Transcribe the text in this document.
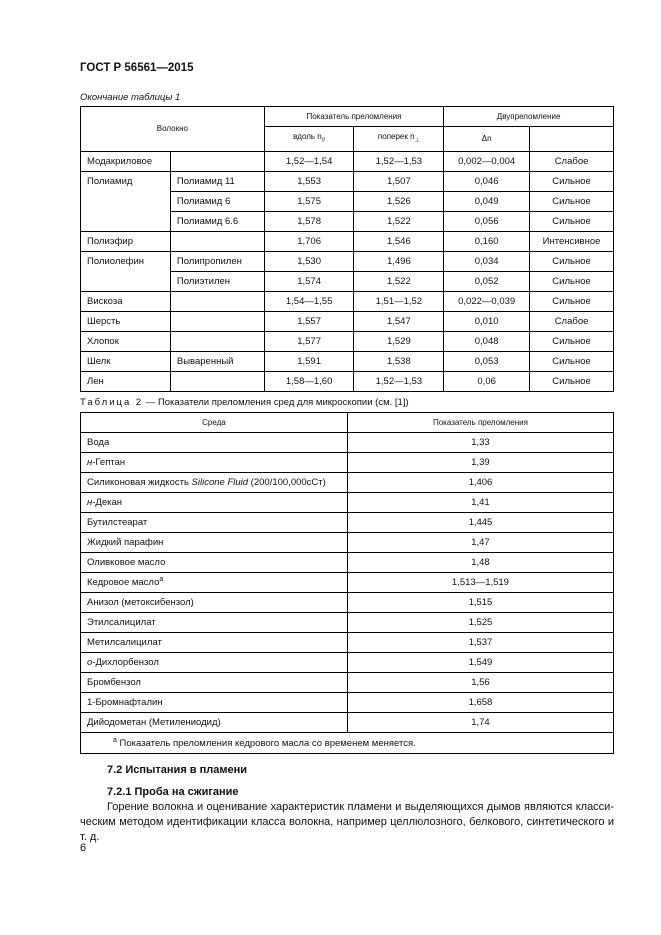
ГОСТ Р 56561—2015
Окончание таблицы 1
Волокно		Показатель преломления		Двупреломление	
		вдоль $n_{//}$	поперек $n_\perp$	Δn	
Модакриловое		1,52—1,54	1,52—1,53	0,002—0,004	Слабое
Полиамид	Полиамид 11	1,553	1,507	0,046	Сильное
	Полиамид 6	1,575	1,526	0,049	Сильное
	Полиамид 6.6	1,578	1,522	0,056	Сильное
Полиэфир		1,706	1,546	0,160	Интенсивное
Полиолефин	Полипропилен	1,530	1,496	0,034	Сильное
	Полиэтилен	1,574	1,522	0,052	Сильное
Вискоза		1,54—1,55	1,51—1,52	0,022—0,039	Сильное
Шерсть		1,557	1,547	0,010	Слабое
Хлопок		1,577	1,529	0,048	Сильное
Шелк	Вываренный	1,591	1,538	0,053	Сильное
Лен		1,58—1,60	1,52—1,53	0,06	Сильное
Таблица 2 — Показатели преломления сред для микроскопии (см. [1])
Среда	Показатель преломления
Вода	1,33
н-Гептан	1,39
Силиконовая жидкость Silicone Fluid (200/100,000сСт)	1,406
н-Декан	1,41
Бутилстеарат	1,445
Жидкий парафин	1,47
Оливковое масло	1,48
Кедровое масло$^а$	1,513—1,519
Анизол (метоксибензол)	1,515
Этилсалицилат	1,525
Метилсалицилат	1,537
о-Дихлорбензол	1,549
Бромбензол	1,56
1-Бромнафталин	1,658
Дийодометан (Метилениодид)	1,74
$^а$ Показатель преломления кедрового масла со временем меняется.	
7.2 Испытания в пламени
7.2.1 Проба на сжигание
Горение волокна и оценивание характеристик пламени и выделяющихся дымов являются класси-
ческим методом идентификации класса волокна, например целлюлозного, белкового, синтетического и т. д.
6
